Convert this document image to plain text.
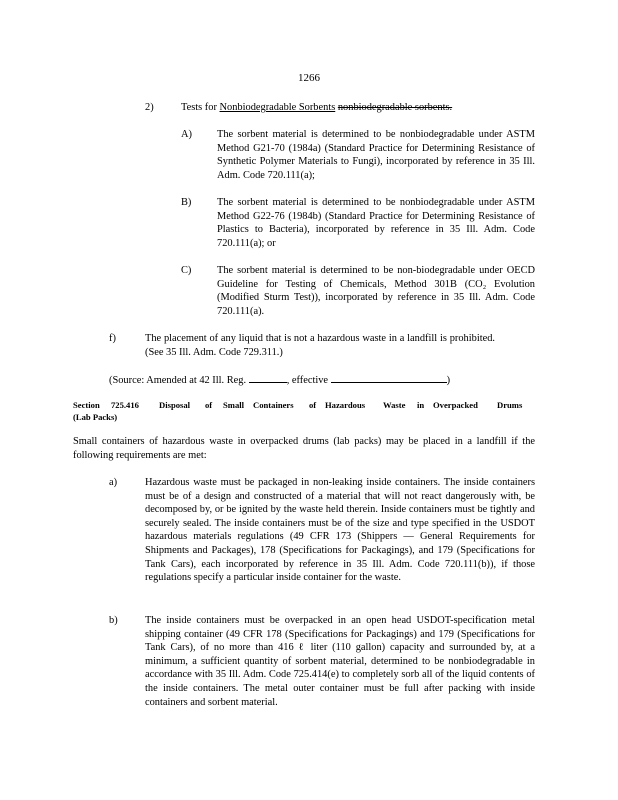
1266
2)	Tests for Nonbiodegradable Sorbents nonbiodegradable sorbents.
A) The sorbent material is determined to be nonbiodegradable under ASTM Method G21-70 (1984a) (Standard Practice for Determining Resistance of Synthetic Polymer Materials to Fungi), incorporated by reference in 35 Ill. Adm. Code 720.111(a);
B) The sorbent material is determined to be nonbiodegradable under ASTM Method G22-76 (1984b) (Standard Practice for Determining Resistance of Plastics to Bacteria), incorporated by reference in 35 Ill. Adm. Code 720.111(a); or
C) The sorbent material is determined to be non-biodegradable under OECD Guideline for Testing of Chemicals, Method 301B (CO₂ Evolution (Modified Sturm Test)), incorporated by reference in 35 Ill. Adm. Code 720.111(a).
f)	The placement of any liquid that is not a hazardous waste in a landfill is prohibited. (See 35 Ill. Adm. Code 729.311.)
(Source: Amended at 42 Ill. Reg.	, effective	)
Section 725.416 Disposal of Small Containers of Hazardous Waste in Overpacked Drums
(Lab Packs)
Small containers of hazardous waste in overpacked drums (lab packs) may be placed in a landfill if the following requirements are met:
a)	Hazardous waste must be packaged in non-leaking inside containers. The inside containers must be of a design and constructed of a material that will not react dangerously with, be decomposed by, or be ignited by the waste held therein. Inside containers must be tightly and securely sealed. The inside containers must be of the size and type specified in the USDOT hazardous materials regulations (49 CFR 173 (Shippers — General Requirements for Shipments and Packages), 178 (Specifications for Packagings), and 179 (Specifications for Tank Cars), each incorporated by reference in 35 Ill. Adm. Code 720.111(b)), if those regulations specify a particular inside container for the waste.
b)	The inside containers must be overpacked in an open head USDOT-specification metal shipping container (49 CFR 178 (Specifications for Packagings) and 179 (Specifications for Tank Cars), of no more than 416 ℓ liter (110 gallon) capacity and surrounded by, at a minimum, a sufficient quantity of sorbent material, determined to be nonbiodegradable in accordance with 35 Ill. Adm. Code 725.414(e) to completely sorb all of the liquid contents of the inside containers. The metal outer container must be full after packing with inside containers and sorbent material.
